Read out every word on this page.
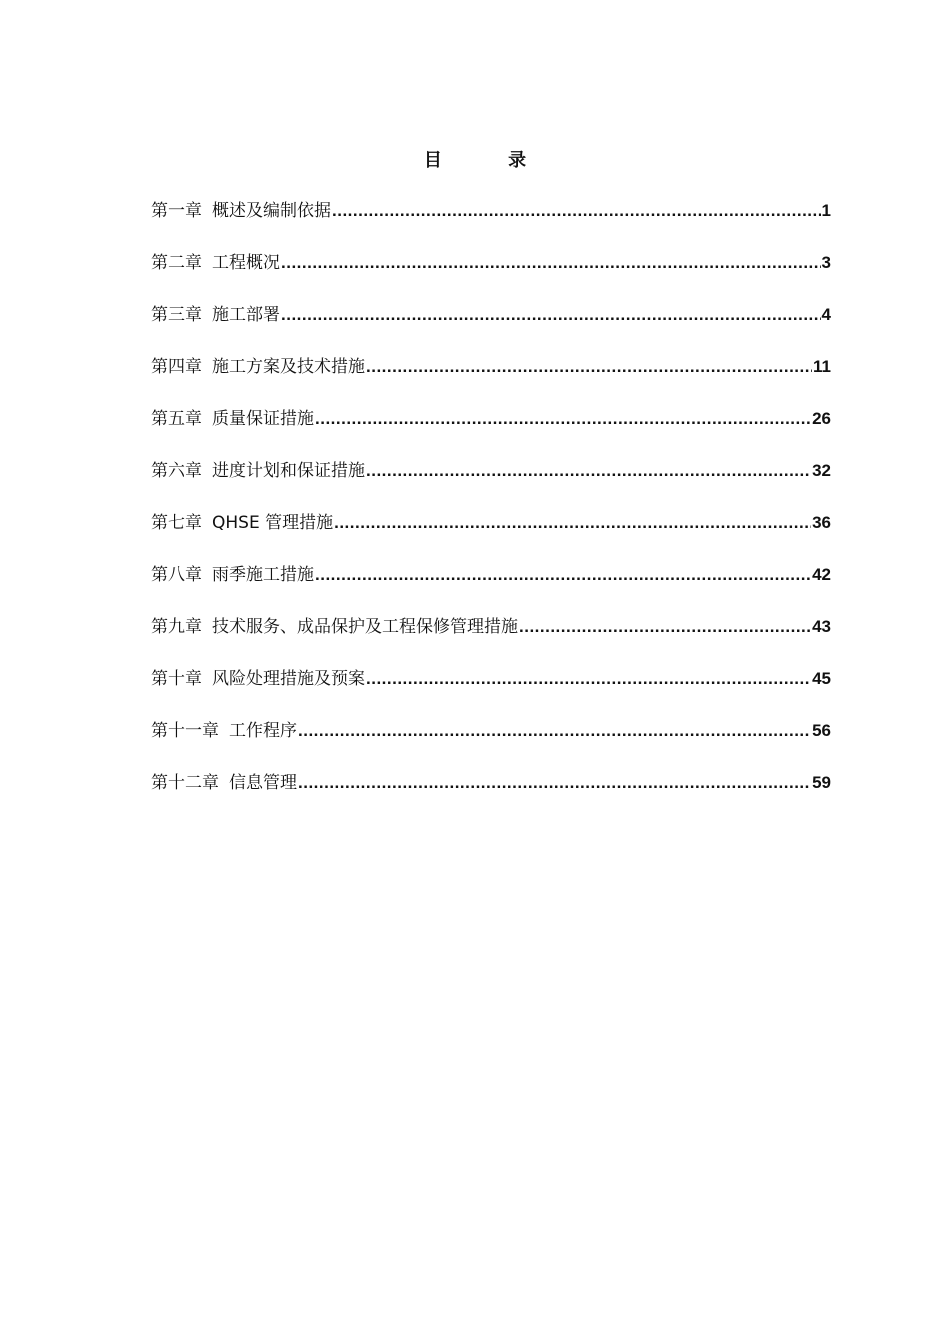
目 录
第一章 概述及编制依据 .....	1
第二章 工程概况 .....	3
第三章 施工部署 .....	4
第四章 施工方案及技术措施 .....	11
第五章 质量保证措施 .....	26
第六章 进度计划和保证措施 .....	32
第七章 QHSE 管理措施 .....	36
第八章 雨季施工措施 .....	42
第九章 技术服务、成品保护及工程保修管理措施 .....	43
第十章 风险处理措施及预案 .....	45
第十一章 工作程序 .....	56
第十二章 信息管理 .....	59
